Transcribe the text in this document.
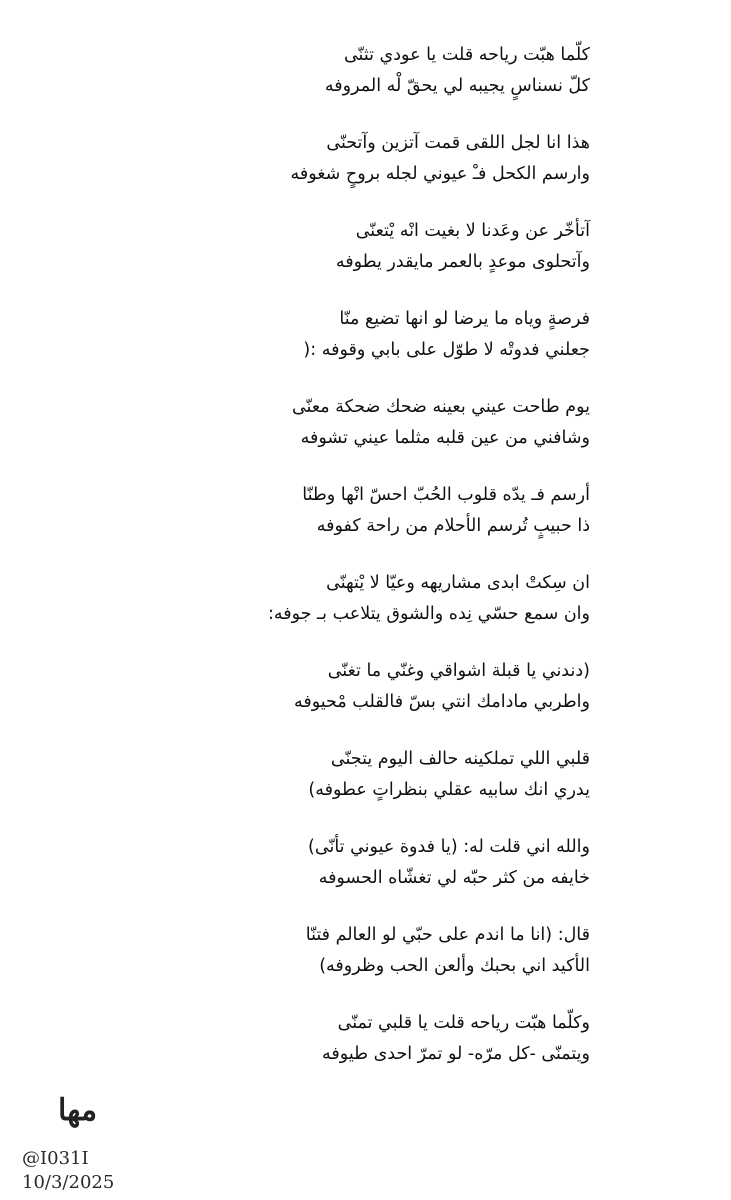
كلّما هبّت رياحه قلت يا عودي تثنّى
كلّ نسناسٍ يجيبه لي يحقّ لْه المروفه
هذا انا لجل اللقى قمت آتزين وآتحنّى
وارسم الكحل فـْ عيوني لجله بروحٍ شغوفه
آتأخّر عن وعَدنا لا بغيت انْه يْتعنّى
وآتحلوى موعدٍ بالعمر مايقدر يطوفه
فرصةٍ وياه ما يرضا لو انها تضيع منّا
جعلني فدوتْه لا طوّل على بابي وقوفه :(
يوم طاحت عيني بعينه ضحك ضحكة معنّى
وشافني من عين قلبه مثلما عيني تشوفه
أرسم فـ يدّه قلوب الحُبّ احسّ انْها وطنّا
ذا حبيبٍ تُرسم الأحلام من راحة كفوفه
ان سِكتْ ابدى مشاريهه وعيّا لا يْتهنّى
وان سمع حسّي نِده والشوق يتلاعب بـ جوفه:
(دندني يا قبلة اشواقي وغنّي ما تغنّى
واطربي مادامك انتي بسّ فالقلب مْحيوفه
قلبي اللي تملكينه حالف اليوم يتجنّى
يدري انك سابيه عقلي بنظراتٍ عطوفه)
والله اني قلت له: (يا فدوة عيوني تأنّى)
خايفه من كثر حبّه لي تغشّاه الحسوفه
قال: (انا ما اندم على حبّي لو العالم فتنّا
الأكيد اني بحبك وألعن الحب وظروفه)
وكلّما هبّت رياحه قلت يا قلبي تمنّى
ويتمنّى -كل مرّه- لو تمرّ احدى طيوفه
مها
@I031I
10/3/2025
